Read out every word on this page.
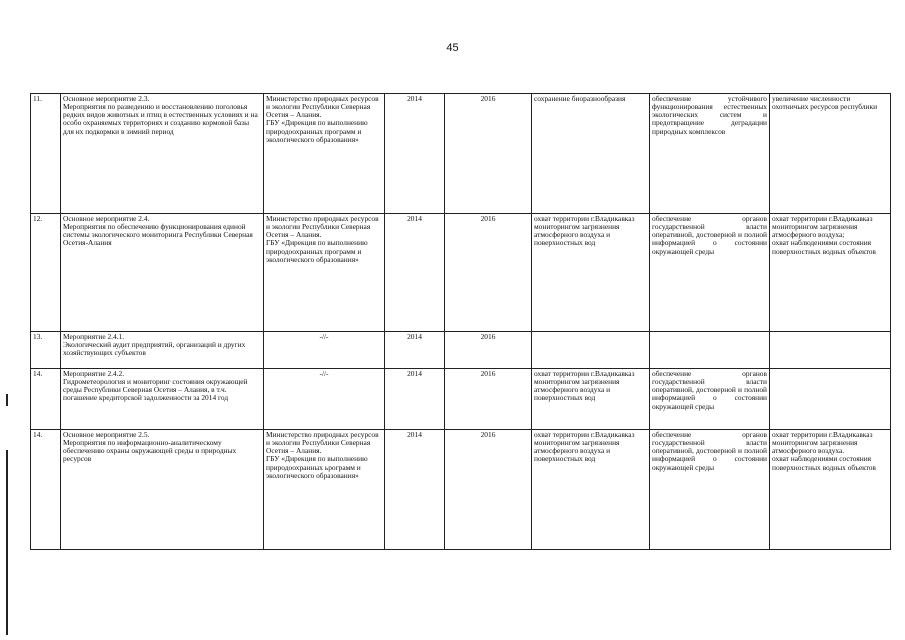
45
11.	Основное мероприятие 2.3.
Мероприятия по разведению и восстановлению поголовья редких видов животных и птиц в естественных условиях и на особо охраняемых территориях и созданию кормовой базы для их подкормки в зимний период	Министерство природных ресурсов и экологии Республики Северная Осетия – Алания.
ГБУ «Дирекция по выполнению природоохранных программ и экологического образования»	2014	2016	сохранение биоразнообразия	обеспечение устойчивого функционирования естественных экологических систем и предотвращение деградации природных комплексов	увеличение численности охотничьих ресурсов республики
12.	Основное мероприятие 2.4.
Мероприятия по обеспечению функционирования единой системы экологического мониторинга Республики Северная Осетия-Алания	Министерство природных ресурсов и экологии Республики Северная Осетия – Алания.
ГБУ «Дирекция по выполнению природоохранных программ и экологического образования»	2014	2016	охват территории г.Владикавказ мониторингом загрязнения атмосферного воздуха и поверхностных вод	обеспечение органов государственной власти оперативной, достоверной и полной информацией о состоянии окружающей среды	охват территории г.Владикавказ мониторингом загрязнения атмосферного воздуха;
охват наблюдениями состояния поверхностных водных объектов
13.	Мероприятие 2.4.1.
Экологический аудит предприятий, организаций и других хозяйствующих субъектов	-//-	2014	2016			
14.	Мероприятие 2.4.2.
Гидрометеорология и мониторинг состояния окружающей среды Республики Северная Осетия – Алания, в т.ч. погашение кредиторской задолженности за 2014 год	-//-	2014	2016	охват территории г.Владикавказ мониторингом загрязнения атмосферного воздуха и поверхностных вод	обеспечение органов государственной власти оперативной, достоверной и полной информацией о состоянии окружающей среды	
14.	Основное мероприятие 2.5.
Мероприятия по информационно-аналитическому обеспечению охраны окружающей среды и природных ресурсов	Министерство природных ресурсов и экологии Республики Северная Осетия – Алания.
ГБУ «Дирекция по выполнению природоохранных ьрограмм и экологического образования»	2014	2016	охват территории г.Владикавказ мониторингом загрязнения атмосферного воздуха и поверхностных вод	обеспечение органов государственной власти оперативной, достоверной и полной информацией о состоянии окружающей среды	охват территории г.Владикавказ мониторингом загрязнения атмосферного воздуха.
охват наблюдениями состояния поверхностных водных объектов
